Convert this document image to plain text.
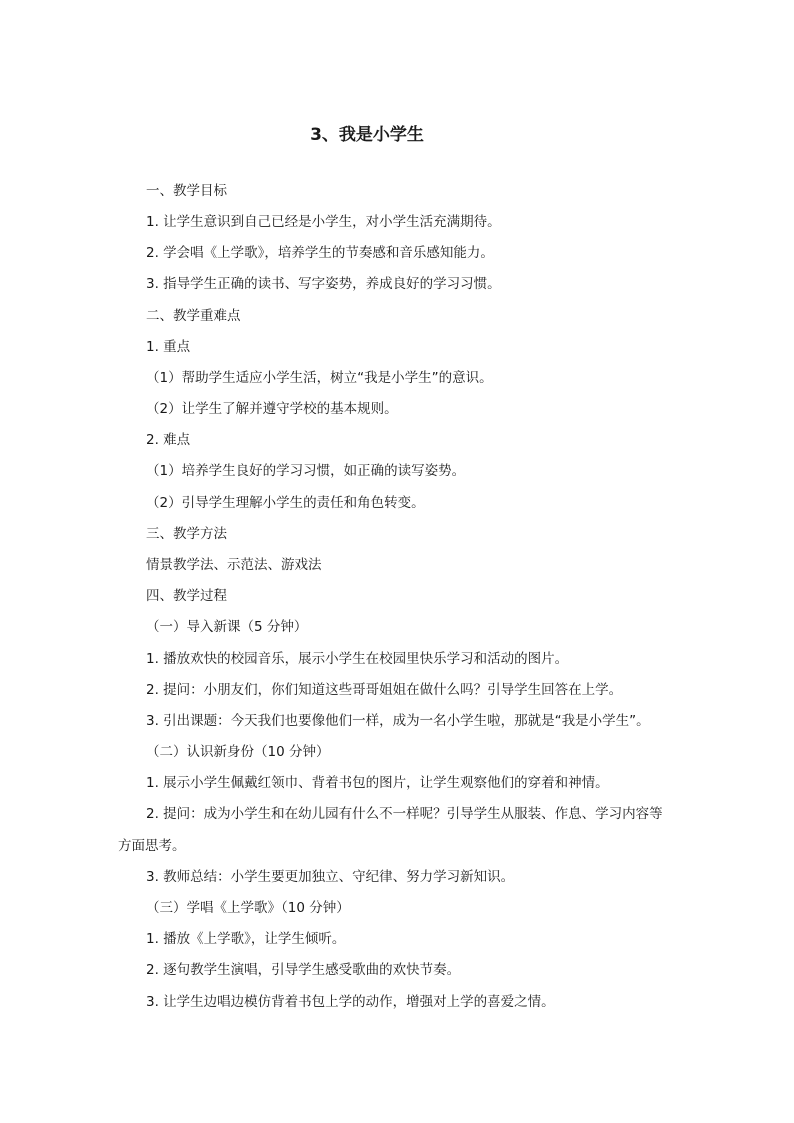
3、我是小学生
一、教学目标
1. 让学生意识到自己已经是小学生，对小学生活充满期待。
2. 学会唱《上学歌》，培养学生的节奏感和音乐感知能力。
3. 指导学生正确的读书、写字姿势，养成良好的学习习惯。
二、教学重难点
1. 重点
（1）帮助学生适应小学生活，树立“我是小学生”的意识。
（2）让学生了解并遵守学校的基本规则。
2. 难点
（1）培养学生良好的学习习惯，如正确的读写姿势。
（2）引导学生理解小学生的责任和角色转变。
三、教学方法
情景教学法、示范法、游戏法
四、教学过程
（一）导入新课（5 分钟）
1. 播放欢快的校园音乐，展示小学生在校园里快乐学习和活动的图片。
2. 提问：小朋友们，你们知道这些哥哥姐姐在做什么吗？引导学生回答在上学。
3. 引出课题：今天我们也要像他们一样，成为一名小学生啦，那就是“我是小学生”。
（二）认识新身份（10 分钟）
1. 展示小学生佩戴红领巾、背着书包的图片，让学生观察他们的穿着和神情。
2. 提问：成为小学生和在幼儿园有什么不一样呢？引导学生从服装、作息、学习内容等
方面思考。
3. 教师总结：小学生要更加独立、守纪律、努力学习新知识。
（三）学唱《上学歌》（10 分钟）
1. 播放《上学歌》，让学生倾听。
2. 逐句教学生演唱，引导学生感受歌曲的欢快节奏。
3. 让学生边唱边模仿背着书包上学的动作，增强对上学的喜爱之情。
